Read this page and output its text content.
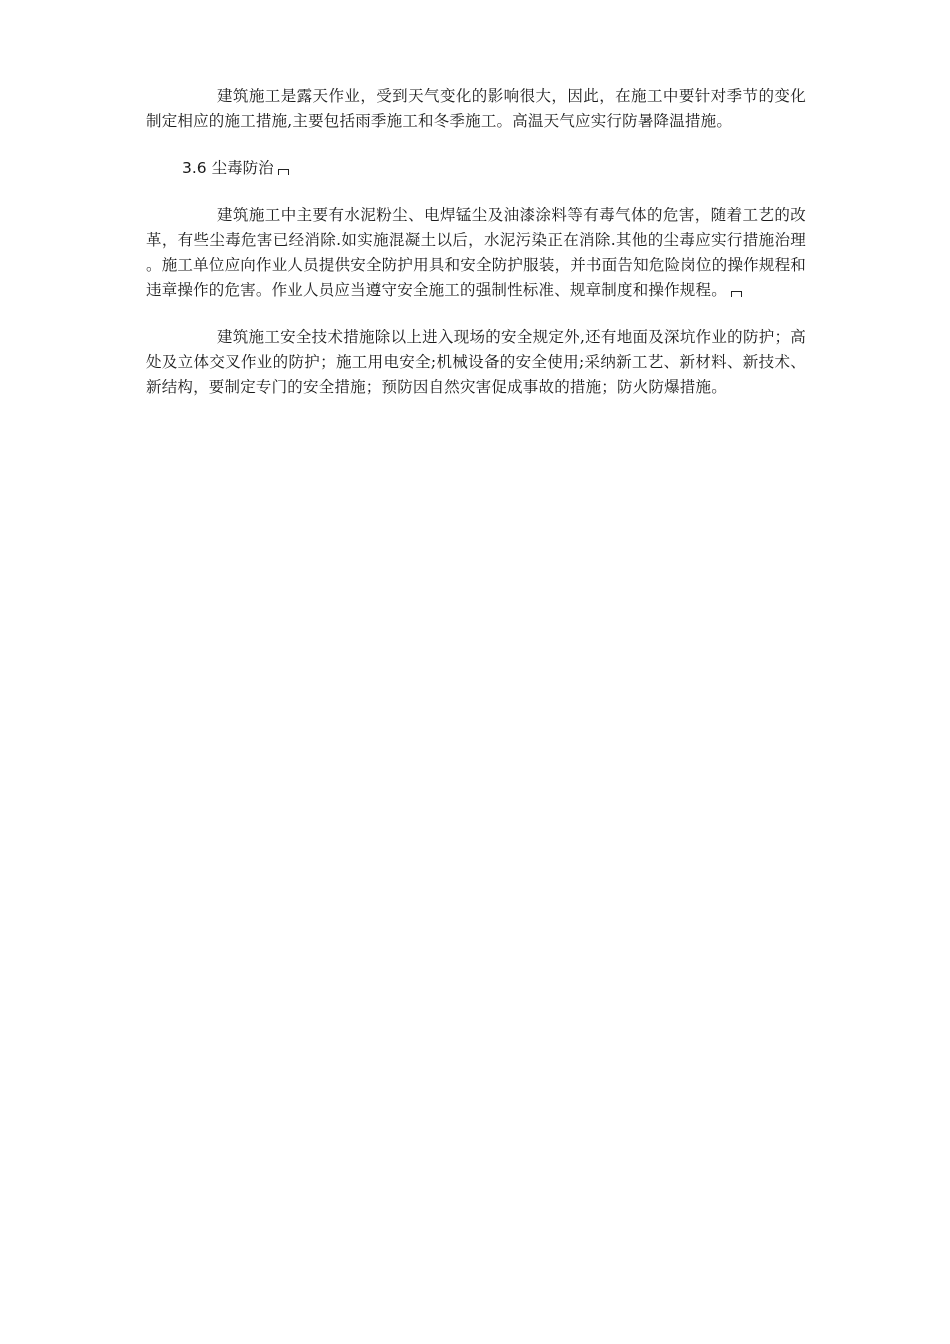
建筑施工是露天作业，受到天气变化的影响很大，因此，在施工中要针对季节的变化制定相应的施工措施,主要包括雨季施工和冬季施工。高温天气应实行防暑降温措施。

3.6 尘毒防治

建筑施工中主要有水泥粉尘、电焊锰尘及油漆涂料等有毒气体的危害，随着工艺的改革，有些尘毒危害已经消除.如实施混凝土以后，水泥污染正在消除.其他的尘毒应实行措施治理 。施工单位应向作业人员提供安全防护用具和安全防护服装，并书面告知危险岗位的操作规程和违章操作的危害。作业人员应当遵守安全施工的强制性标准、规章制度和操作规程。

建筑施工安全技术措施除以上进入现场的安全规定外,还有地面及深坑作业的防护；高处及立体交叉作业的防护；施工用电安全;机械设备的安全使用;采纳新工艺、新材料、新技术、新结构，要制定专门的安全措施；预防因自然灾害促成事故的措施；防火防爆措施。
